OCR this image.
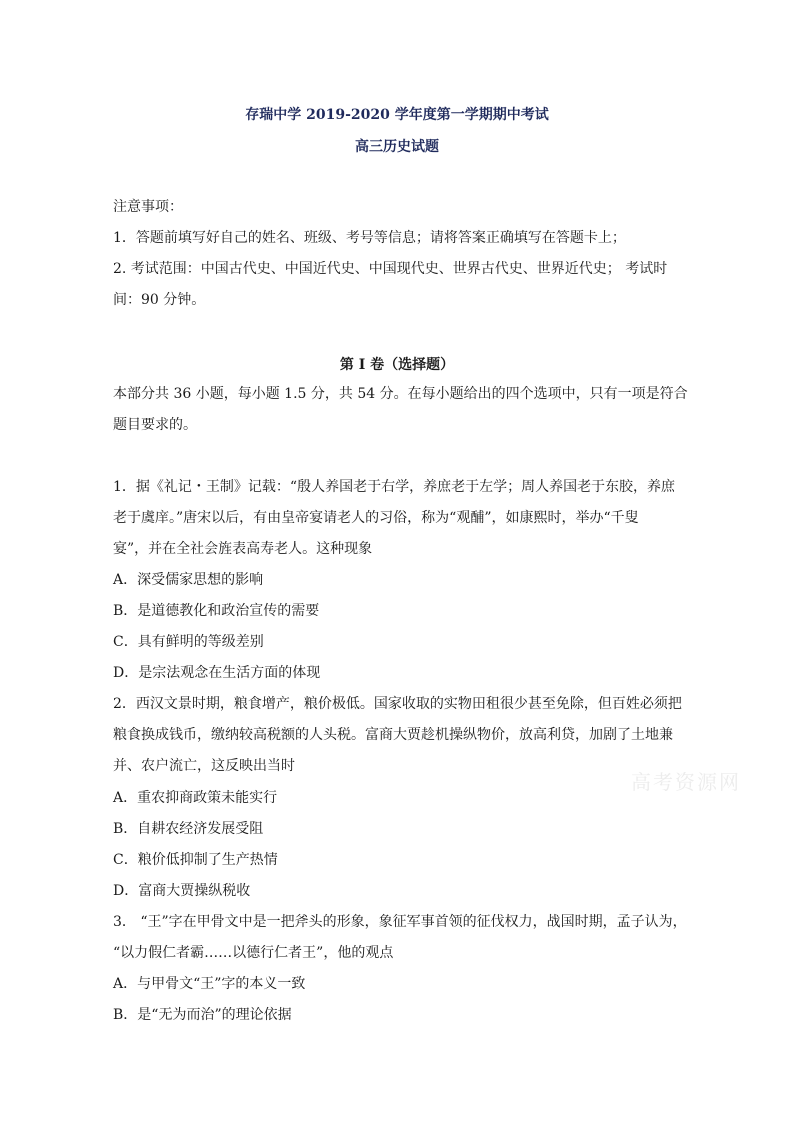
存瑞中学 2019-2020 学年度第一学期期中考试
高三历史试题
注意事项：
1．答题前填写好自己的姓名、班级、考号等信息；请将答案正确填写在答题卡上；
2. 考试范围：中国古代史、中国近代史、中国现代史、世界古代史、世界近代史； 考试时
间：90 分钟。
第 I 卷（选择题）
本部分共 36 小题，每小题 1.5 分，共 54 分。在每小题给出的四个选项中，只有一项是符合
题目要求的。
1．据《礼记・王制》记载：“殷人养国老于右学，养庶老于左学；周人养国老于东胶，养庶
老于虞庠。”唐宋以后，有由皇帝宴请老人的习俗，称为“观酺”，如康熙时，举办“千叟
宴”，并在全社会旌表高寿老人。这种现象
A．深受儒家思想的影响
B．是道德教化和政治宣传的需要
C．具有鲜明的等级差别
D．是宗法观念在生活方面的体现
2．西汉文景时期，粮食增产，粮价极低。国家收取的实物田租很少甚至免除，但百姓必须把
粮食换成钱币，缴纳较高税额的人头税。富商大贾趁机操纵物价，放高利贷，加剧了土地兼
并、农户流亡，这反映出当时
A．重农抑商政策未能实行
B．自耕农经济发展受阻
C．粮价低抑制了生产热情
D．富商大贾操纵税收
3． “王”字在甲骨文中是一把斧头的形象，象征军事首领的征伐权力，战国时期，孟子认为，
“以力假仁者霸……以德行仁者王”，他的观点
A．与甲骨文“王”字的本义一致
B．是“无为而治”的理论依据
高考资源网
